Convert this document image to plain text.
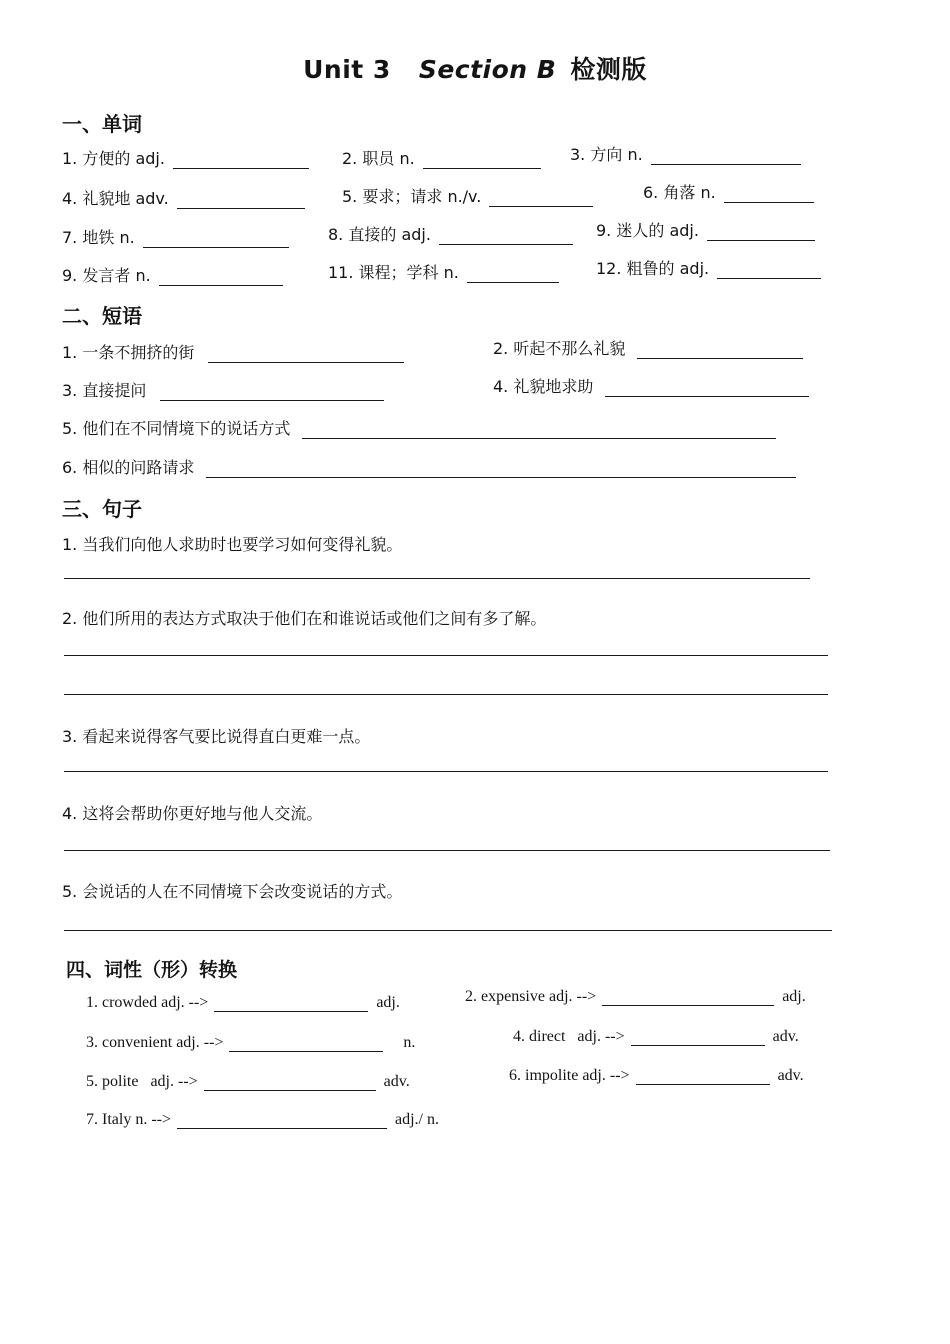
Unit 3 Section B 检测版
一、单词
1. 方便的 adj.	2. 职员 n.	3. 方向 n.
4. 礼貌地 adv.	5. 要求；请求 n./v.	6. 角落 n.
7. 地铁 n.	8. 直接的 adj.	9. 迷人的 adj.
9. 发言者 n.	11. 课程；学科 n.	12. 粗鲁的 adj.
二、短语
1. 一条不拥挤的街	2. 听起不那么礼貌
3. 直接提问	4. 礼貌地求助
5. 他们在不同情境下的说话方式
6. 相似的问路请求
三、句子
1. 当我们向他人求助时也要学习如何变得礼貌。
2. 他们所用的表达方式取决于他们在和谁说话或他们之间有多了解。
3. 看起来说得客气要比说得直白更难一点。
4. 这将会帮助你更好地与他人交流。
5. 会说话的人在不同情境下会改变说话的方式。
四、词性（形）转换
1. crowded adj. -->	adj.	2. expensive adj. -->	adj.
3. convenient adj. -->	n.	4. direct   adj. -->	adv.
5. polite   adj. -->	adv.	6. impolite adj. -->	adv.
7. Italy n. -->	adj./ n.
